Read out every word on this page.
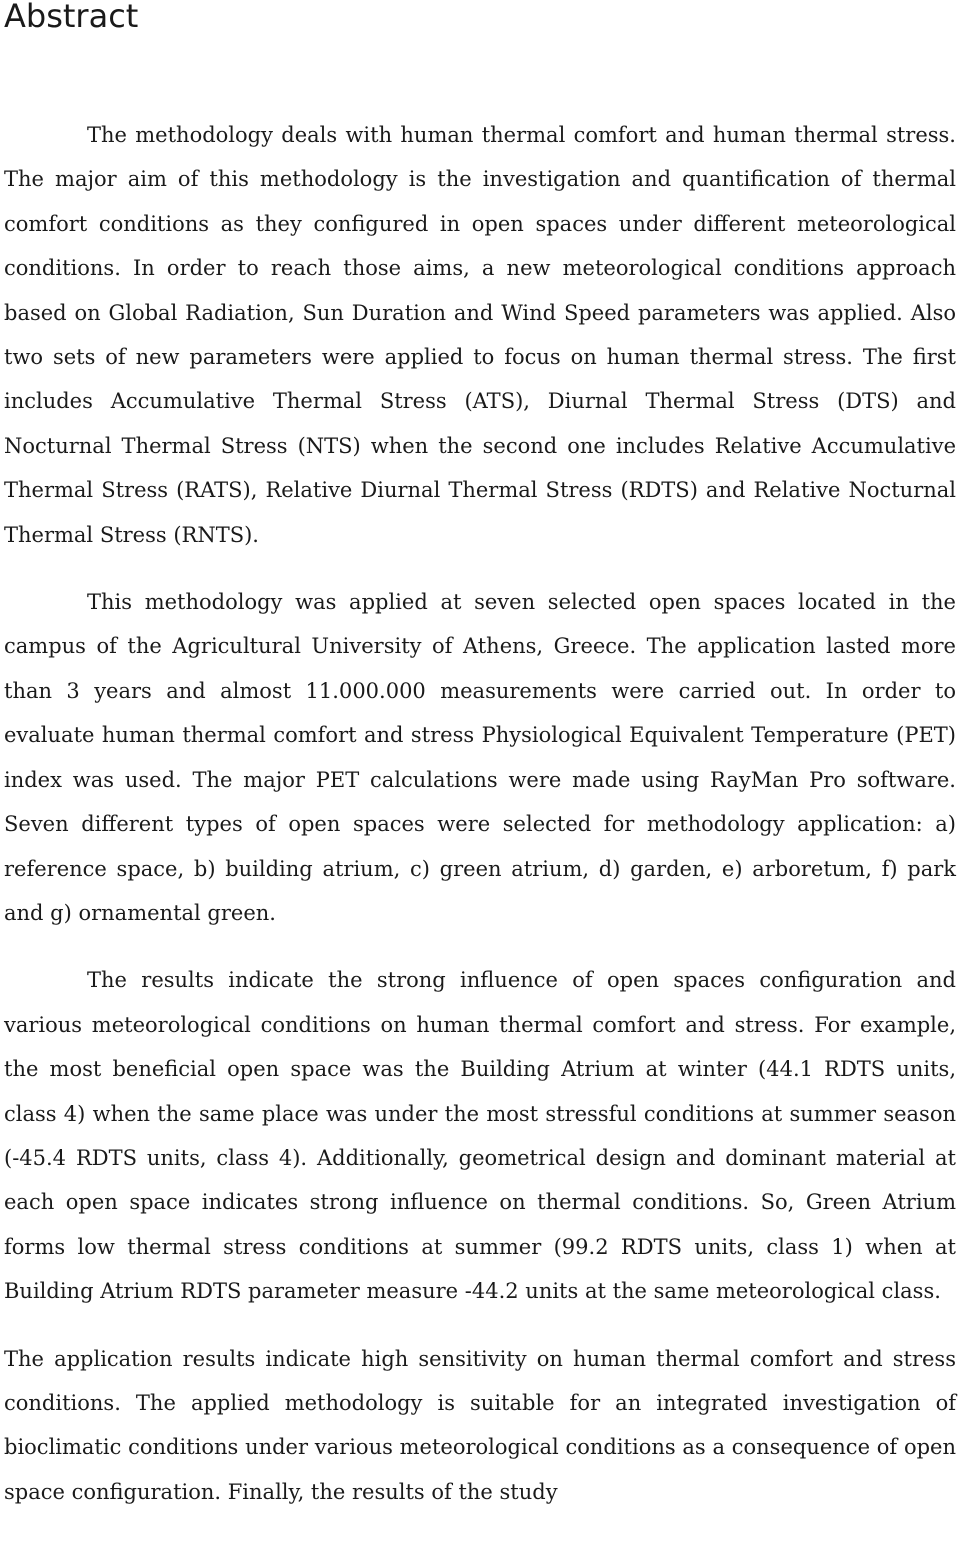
Abstract

The methodology deals with human thermal comfort and human thermal stress. The major aim of this methodology is the investigation and quantification of thermal comfort conditions as they configured in open spaces under different meteorological conditions. In order to reach those aims, a new meteorological conditions approach based on Global Radiation, Sun Duration and Wind Speed parameters was applied. Also two sets of new parameters were applied to focus on human thermal stress. The first includes Accumulative Thermal Stress (ATS), Diurnal Thermal Stress (DTS) and Nocturnal Thermal Stress (NTS) when the second one includes Relative Accumulative Thermal Stress (RATS), Relative Diurnal Thermal Stress (RDTS) and Relative Nocturnal Thermal Stress (RNTS).

This methodology was applied at seven selected open spaces located in the campus of the Agricultural University of Athens, Greece. The application lasted more than 3 years and almost 11.000.000 measurements were carried out. In order to evaluate human thermal comfort and stress Physiological Equivalent Temperature (PET) index was used. The major PET calculations were made using RayMan Pro software. Seven different types of open spaces were selected for methodology application: a) reference space, b) building atrium, c) green atrium, d) garden, e) arboretum, f) park and g) ornamental green.

The results indicate the strong influence of open spaces configuration and various meteorological conditions on human thermal comfort and stress. For example, the most beneficial open space was the Building Atrium at winter (44.1 RDTS units, class 4) when the same place was under the most stressful conditions at summer season (-45.4 RDTS units, class 4). Additionally, geometrical design and dominant material at each open space indicates strong influence on thermal conditions. So, Green Atrium forms low thermal stress conditions at summer (99.2 RDTS units, class 1) when at Building Atrium RDTS parameter measure -44.2 units at the same meteorological class.

The application results indicate high sensitivity on human thermal comfort and stress conditions. The applied methodology is suitable for an integrated investigation of bioclimatic conditions under various meteorological conditions as a consequence of open space configuration. Finally, the results of the study
